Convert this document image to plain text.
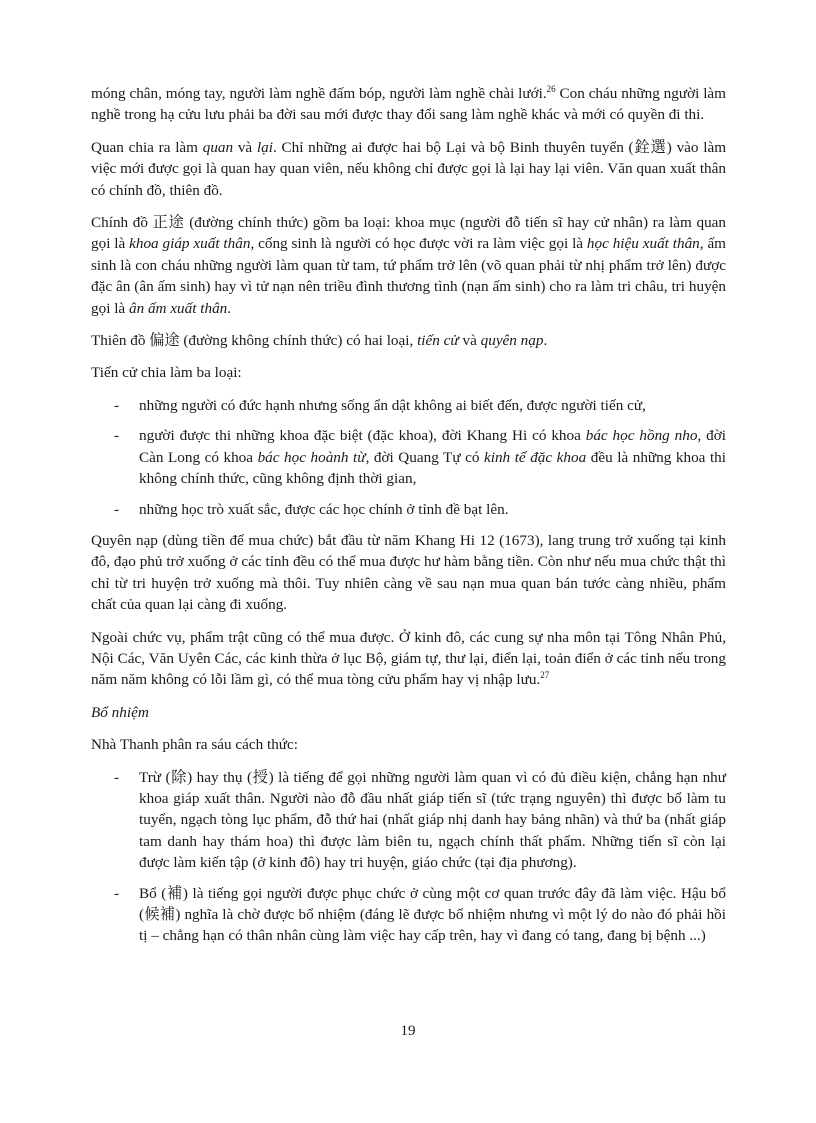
móng chân, móng tay, người làm nghề đấm bóp, người làm nghề chài lưới.$^{26}$ Con cháu những người làm nghề trong hạ cửu lưu phải ba đời sau mới được thay đổi sang làm nghề khác và mới có quyền đi thi.

Quan chia ra làm quan và lại. Chỉ những ai được hai bộ Lại và bộ Binh thuyên tuyển (銓選) vào làm việc mới được gọi là quan hay quan viên, nếu không chỉ được gọi là lại hay lại viên. Văn quan xuất thân có chính đồ, thiên đồ.

Chính đồ 正途 (đường chính thức) gồm ba loại: khoa mục (người đỗ tiến sĩ hay cử nhân) ra làm quan gọi là khoa giáp xuất thân, cống sinh là người có học được vời ra làm việc gọi là học hiệu xuất thân, ấm sinh là con cháu những người làm quan từ tam, tứ phẩm trở lên (võ quan phải từ nhị phẩm trở lên) được đặc ân (ân ấm sinh) hay vì tử nạn nên triều đình thương tình (nạn ấm sinh) cho ra làm tri châu, tri huyện gọi là ân ấm xuất thân.

Thiên đồ 偏途 (đường không chính thức) có hai loại, tiến cử và quyên nạp.

Tiến cử chia làm ba loại:

- những người có đức hạnh nhưng sống ẩn dật không ai biết đến, được người tiến cử,
- người được thi những khoa đặc biệt (đặc khoa), đời Khang Hi có khoa bác học hồng nho, đời Càn Long có khoa bác học hoành từ, đời Quang Tự có kinh tế đặc khoa đều là những khoa thi không chính thức, cũng không định thời gian,
- những học trò xuất sắc, được các học chính ở tỉnh đề bạt lên.

Quyên nạp (dùng tiền để mua chức) bắt đầu từ năm Khang Hi 12 (1673), lang trung trở xuống tại kinh đô, đạo phủ trở xuống ở các tỉnh đều có thể mua được hư hàm bằng tiền. Còn như nếu mua chức thật thì chỉ từ tri huyện trở xuống mà thôi. Tuy nhiên càng về sau nạn mua quan bán tước càng nhiều, phẩm chất của quan lại càng đi xuống.

Ngoài chức vụ, phẩm trật cũng có thể mua được. Ở kinh đô, các cung sự nha môn tại Tông Nhân Phủ, Nội Các, Văn Uyên Các, các kinh thừa ở lục Bộ, giám tự, thư lại, điển lại, toản điển ở các tỉnh nếu trong năm năm không có lỗi lầm gì, có thể mua tòng cửu phẩm hay vị nhập lưu.$^{27}$

Bổ nhiệm

Nhà Thanh phân ra sáu cách thức:

- Trừ (除) hay thụ (授) là tiếng để gọi những người làm quan vì có đủ điều kiện, chẳng hạn như khoa giáp xuất thân. Người nào đỗ đầu nhất giáp tiến sĩ (tức trạng nguyên) thì được bổ làm tu tuyển, ngạch tòng lục phẩm, đỗ thứ hai (nhất giáp nhị danh hay bảng nhãn) và thứ ba (nhất giáp tam danh hay thám hoa) thì được làm biên tu, ngạch chính thất phẩm. Những tiến sĩ còn lại được làm kiến tập (ở kinh đô) hay tri huyện, giáo chức (tại địa phương).
- Bổ (補) là tiếng gọi người được phục chức ở cùng một cơ quan trước đây đã làm việc. Hậu bổ (候補) nghĩa là chờ được bổ nhiệm (đáng lẽ được bổ nhiệm nhưng vì một lý do nào đó phải hồi tị – chẳng hạn có thân nhân cùng làm việc hay cấp trên, hay vì đang có tang, đang bị bệnh ...)
19
